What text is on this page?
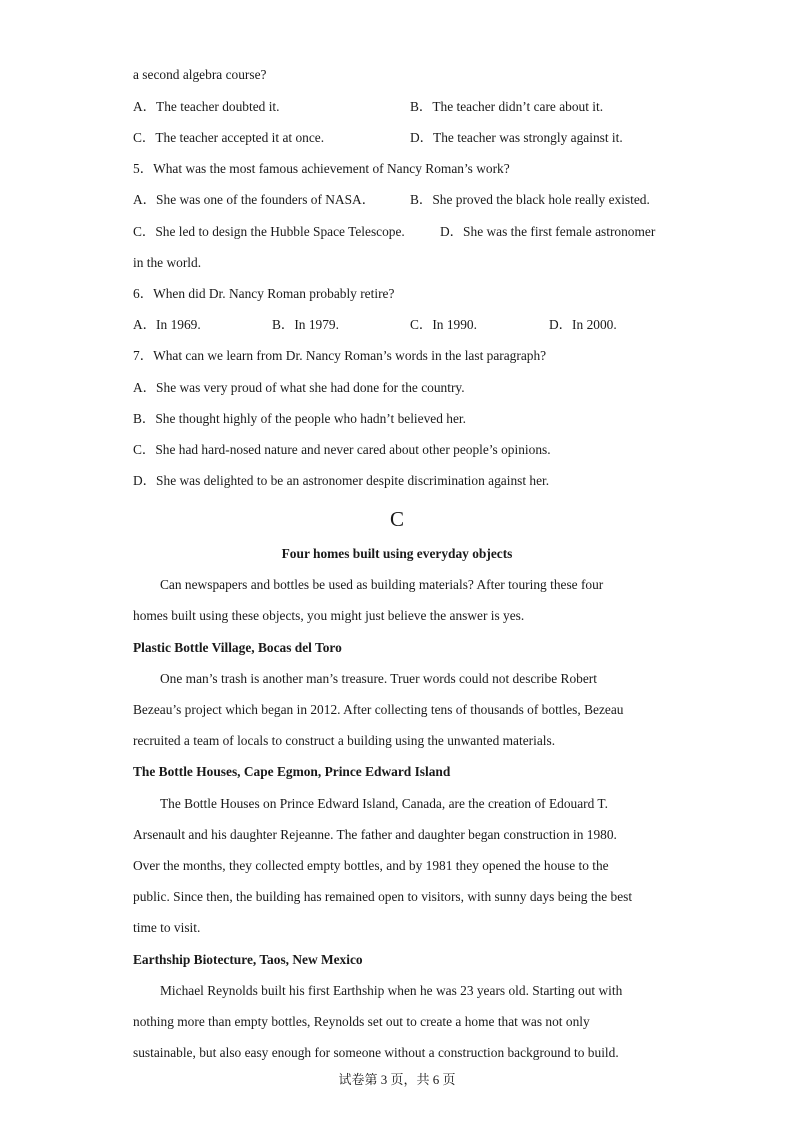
a second algebra course?
A．The teacher doubted it.	B．The teacher didn’t care about it.
C．The teacher accepted it at once.	D．The teacher was strongly against it.
5．What was the most famous achievement of Nancy Roman’s work?
A．She was one of the founders of NASA．	B．She proved the black hole really existed.
C．She led to design the Hubble Space Telescope.	D．She was the first female astronomer
in the world.
6．When did Dr. Nancy Roman probably retire?
A．In 1969.	B．In 1979.	C．In 1990.	D．In 2000.
7．What can we learn from Dr. Nancy Roman’s words in the last paragraph?
A．She was very proud of what she had done for the country.
B．She thought highly of the people who hadn’t believed her.
C．She had hard-nosed nature and never cared about other people’s opinions.
D．She was delighted to be an astronomer despite discrimination against her.
C
Four homes built using everyday objects
Can newspapers and bottles be used as building materials? After touring these four
homes built using these objects, you might just believe the answer is yes.
Plastic Bottle Village, Bocas del Toro
One man’s trash is another man’s treasure. Truer words could not describe Robert
Bezeau’s project which began in 2012. After collecting tens of thousands of bottles, Bezeau
recruited a team of locals to construct a building using the unwanted materials.
The Bottle Houses, Cape Egmon, Prince Edward Island
The Bottle Houses on Prince Edward Island, Canada, are the creation of Edouard T.
Arsenault and his daughter Rejeanne. The father and daughter began construction in 1980.
Over the months, they collected empty bottles, and by 1981 they opened the house to the
public. Since then, the building has remained open to visitors, with sunny days being the best
time to visit.
Earthship Biotecture, Taos, New Mexico
Michael Reynolds built his first Earthship when he was 23 years old. Starting out with
nothing more than empty bottles, Reynolds set out to create a home that was not only
sustainable, but also easy enough for someone without a construction background to build.
试卷第 3 页，共 6 页
